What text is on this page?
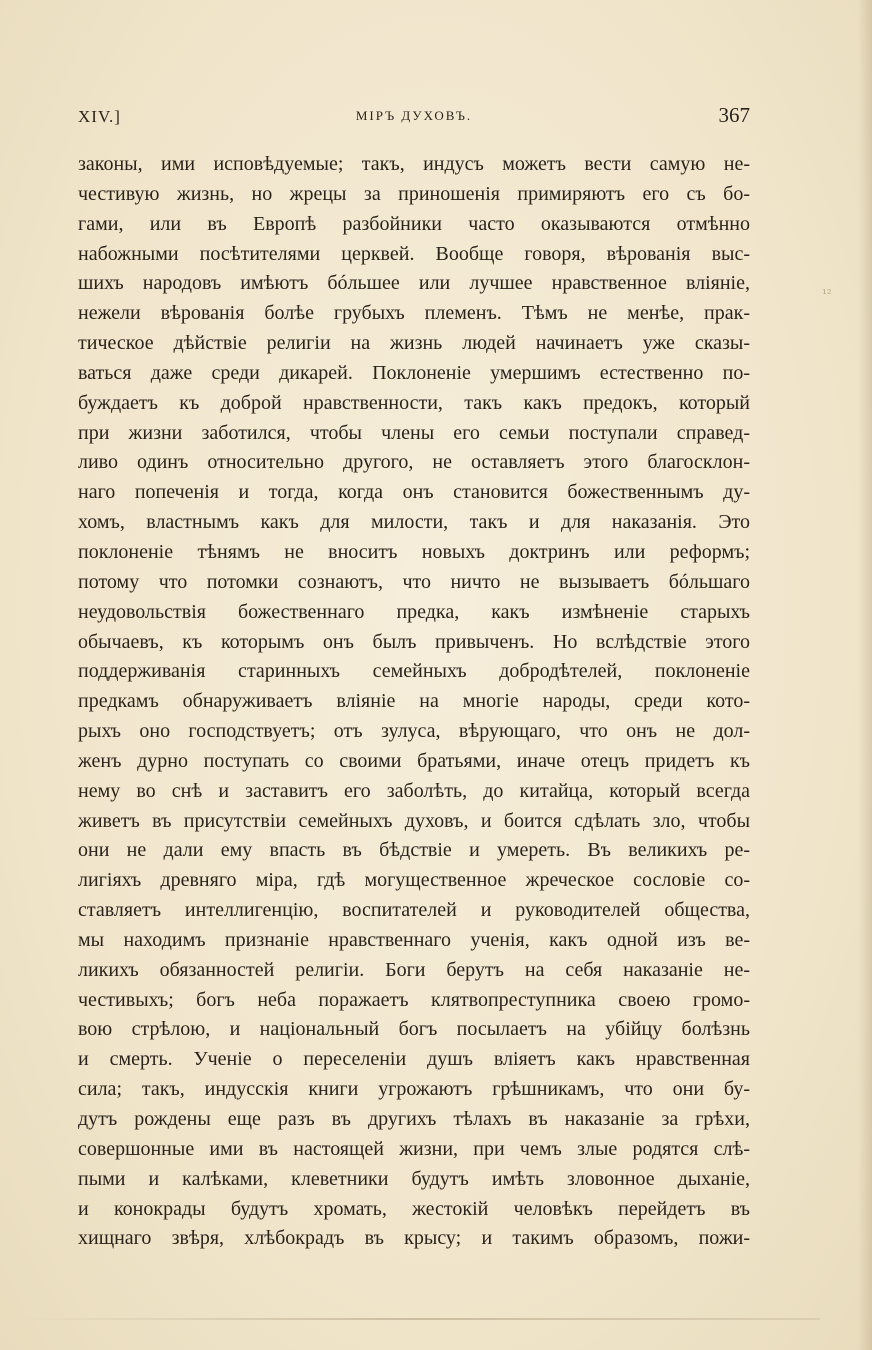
XIV.]	МІРЪ ДУХОВЪ.	367
¹²
законы, ими исповѣдуемые; такъ, индусъ можетъ вести самую не-
честивую жизнь, но жрецы за приношенія примиряютъ его съ бо-
гами, или въ Европѣ разбойники часто оказываются отмѣнно
набожными посѣтителями церквей. Вообще говоря, вѣрованія выс-
шихъ народовъ имѣютъ бóльшее или лучшее нравственное вліяніе,
нежели вѣрованія болѣе грубыхъ племенъ. Тѣмъ не менѣе, прак-
тическое дѣйствіе религіи на жизнь людей начинаетъ уже сказы-
ваться даже среди дикарей. Поклоненіе умершимъ естественно по-
буждаетъ къ доброй нравственности, такъ какъ предокъ, который
при жизни заботился, чтобы члены его семьи поступали справед-
ливо одинъ относительно другого, не оставляетъ этого благосклон-
наго попеченія и тогда, когда онъ становится божественнымъ ду-
хомъ, властнымъ какъ для милости, такъ и для наказанія. Это
поклоненіе тѣнямъ не вноситъ новыхъ доктринъ или реформъ;
потому что потомки сознаютъ, что ничто не вызываетъ бóльшаго
неудовольствія божественнаго предка, какъ измѣненіе старыхъ
обычаевъ, къ которымъ онъ былъ привыченъ. Но вслѣдствіе этого
поддерживанія старинныхъ семейныхъ добродѣтелей, поклоненіе
предкамъ обнаруживаетъ вліяніе на многіе народы, среди кото-
рыхъ оно господствуетъ; отъ зулуса, вѣрующаго, что онъ не дол-
женъ дурно поступать со своими братьями, иначе отецъ придетъ къ
нему во снѣ и заставитъ его заболѣть, до китайца, который всегда
живетъ въ присутствіи семейныхъ духовъ, и боится сдѣлать зло, чтобы
они не дали ему впасть въ бѣдствіе и умереть. Въ великихъ ре-
лигіяхъ древняго міра, гдѣ могущественное жреческое сословіе со-
ставляетъ интеллигенцію, воспитателей и руководителей общества,
мы находимъ признаніе нравственнаго ученія, какъ одной изъ ве-
ликихъ обязанностей религіи. Боги берутъ на себя наказаніе не-
честивыхъ; богъ неба поражаетъ клятвопреступника своею громо-
вою стрѣлою, и національный богъ посылаетъ на убійцу болѣзнь
и смерть. Ученіе о переселеніи душъ вліяетъ какъ нравственная
сила; такъ, индусскія книги угрожаютъ грѣшникамъ, что они бу-
дутъ рождены еще разъ въ другихъ тѣлахъ въ наказаніе за грѣхи,
совершонные ими въ настоящей жизни, при чемъ злые родятся слѣ-
пыми и калѣками, клеветники будутъ имѣть зловонное дыханіе,
и конокрады будутъ хромать, жестокій человѣкъ перейдетъ въ
хищнаго звѣря, хлѣбокрадъ въ крысу; и такимъ образомъ, пожи-
